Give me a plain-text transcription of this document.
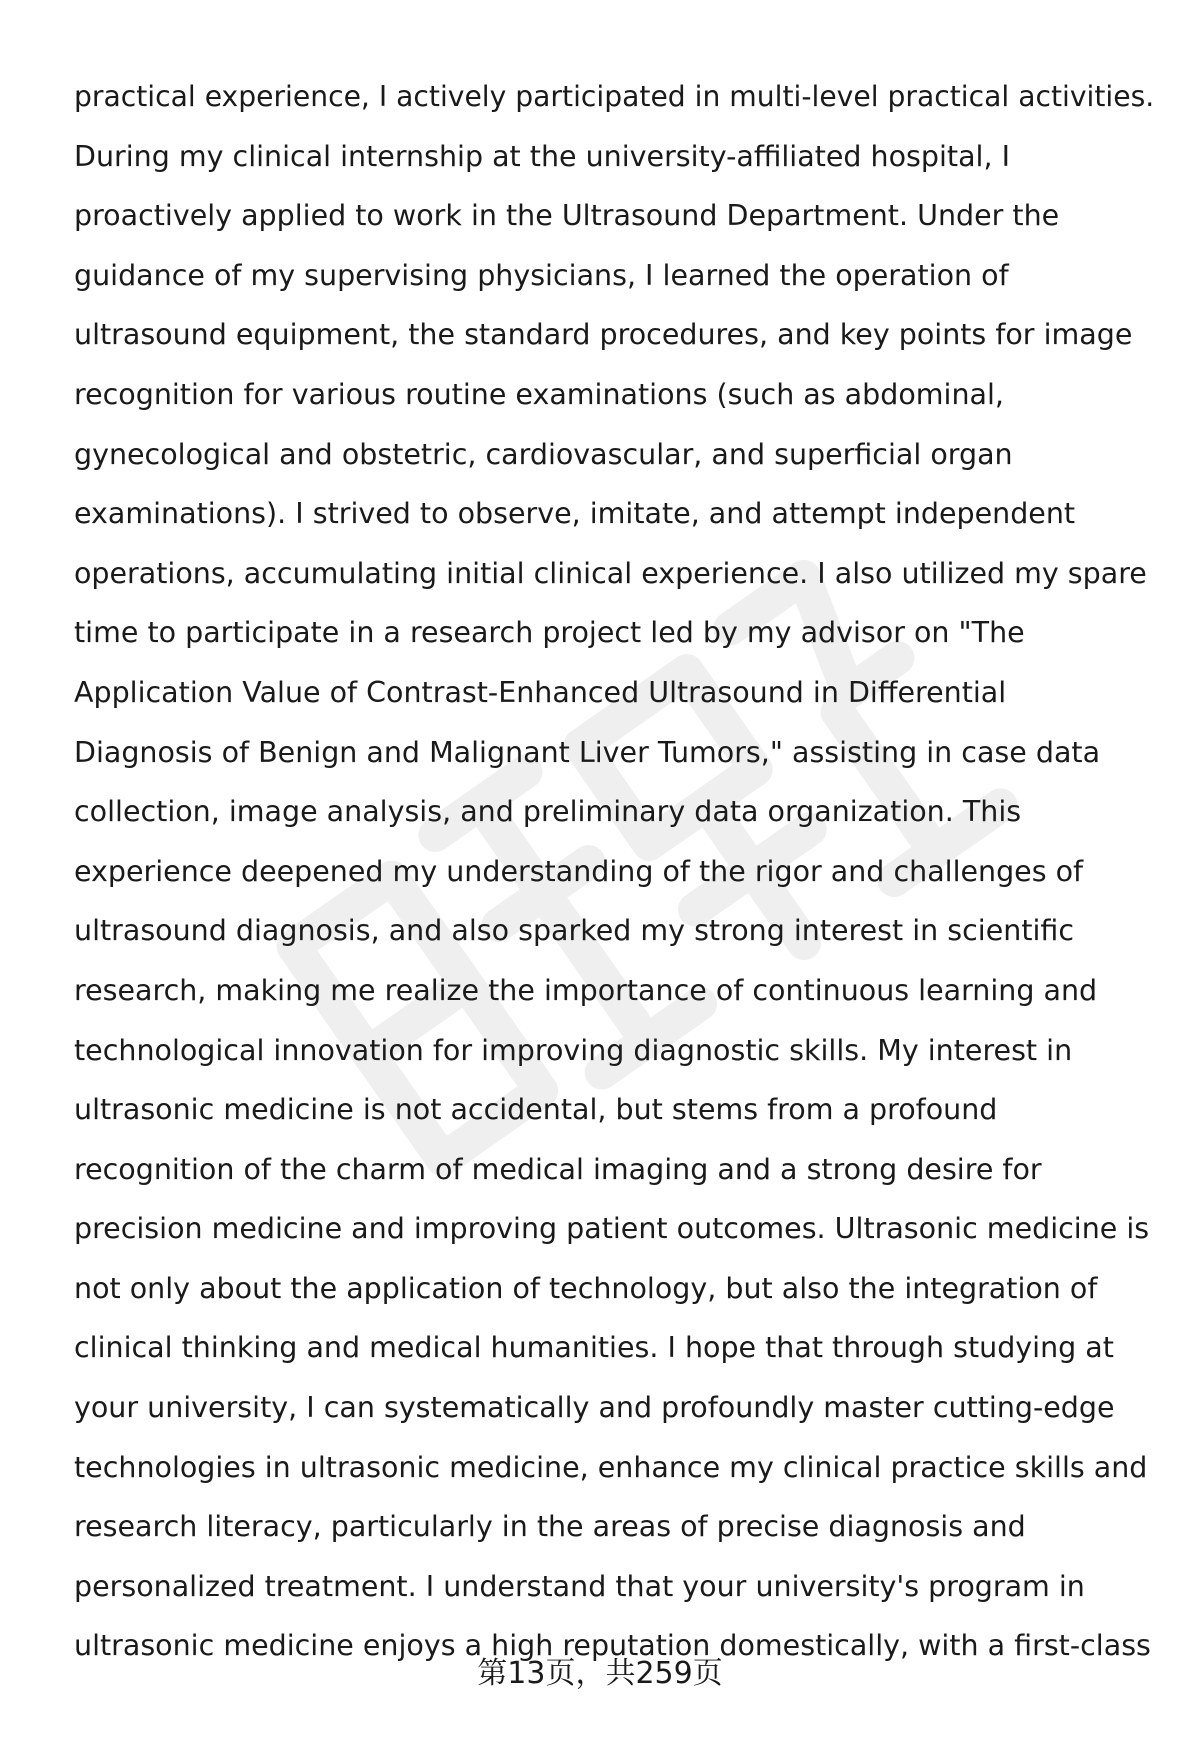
practical experience, I actively participated in multi-level practical activities.
During my clinical internship at the university-affiliated hospital, I
proactively applied to work in the Ultrasound Department. Under the
guidance of my supervising physicians, I learned the operation of
ultrasound equipment, the standard procedures, and key points for image
recognition for various routine examinations (such as abdominal,
gynecological and obstetric, cardiovascular, and superficial organ
examinations). I strived to observe, imitate, and attempt independent
operations, accumulating initial clinical experience. I also utilized my spare
time to participate in a research project led by my advisor on "The
Application Value of Contrast-Enhanced Ultrasound in Differential
Diagnosis of Benign and Malignant Liver Tumors," assisting in case data
collection, image analysis, and preliminary data organization. This
experience deepened my understanding of the rigor and challenges of
ultrasound diagnosis, and also sparked my strong interest in scientific
research, making me realize the importance of continuous learning and
technological innovation for improving diagnostic skills. My interest in
ultrasonic medicine is not accidental, but stems from a profound
recognition of the charm of medical imaging and a strong desire for
precision medicine and improving patient outcomes. Ultrasonic medicine is
not only about the application of technology, but also the integration of
clinical thinking and medical humanities. I hope that through studying at
your university, I can systematically and profoundly master cutting-edge
technologies in ultrasonic medicine, enhance my clinical practice skills and
research literacy, particularly in the areas of precise diagnosis and
personalized treatment. I understand that your university's program in
ultrasonic medicine enjoys a high reputation domestically, with a first-class
第13页，共259页
